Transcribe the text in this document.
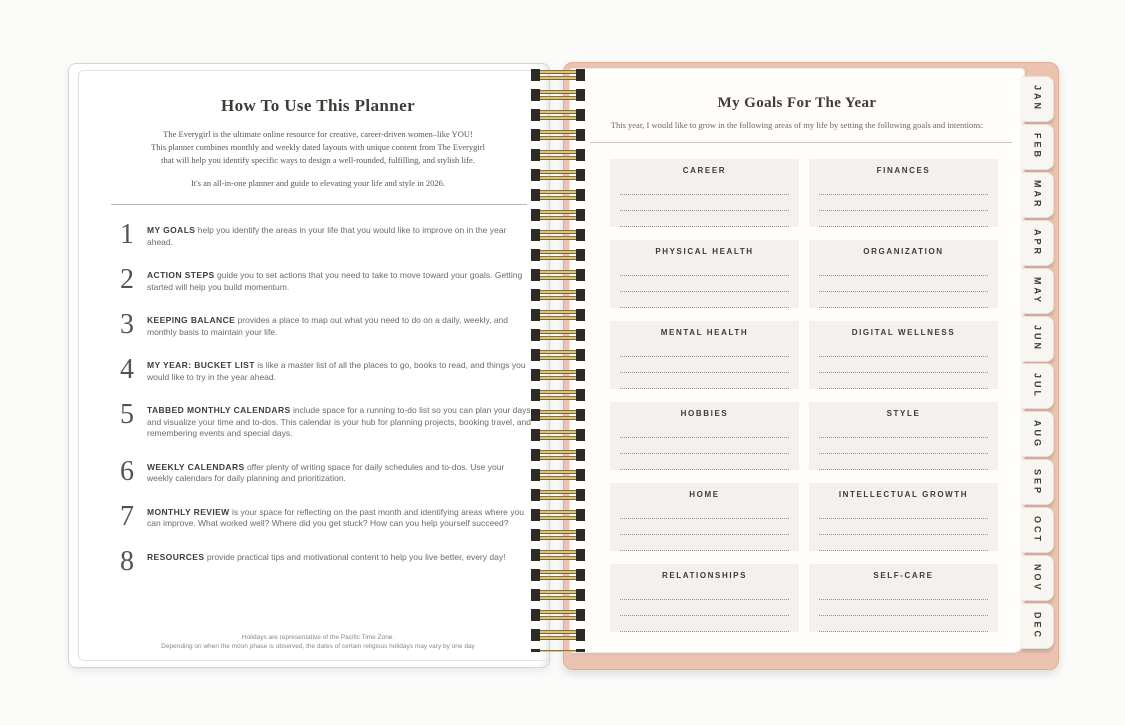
How To Use This Planner
The Everygirl is the ultimate online resource for creative, career-driven women–like YOU!
This planner combines monthly and weekly dated layouts with unique content from The Everygirl
that will help you identify specific ways to design a well-rounded, fulfilling, and stylish life.
It's an all-in-one planner and guide to elevating your life and style in 2026.
1	MY GOALS help you identify the areas in your life that you would like to improve on in the year ahead.
2	ACTION STEPS guide you to set actions that you need to take to move toward your goals. Getting started will help you build momentum.
3	KEEPING BALANCE provides a place to map out what you need to do on a daily, weekly, and monthly basis to maintain your life.
4	MY YEAR: BUCKET LIST is like a master list of all the places to go, books to read, and things you would like to try in the year ahead.
5	TABBED MONTHLY CALENDARS include space for a running to-do list so you can plan your days and visualize your time and to-dos. This calendar is your hub for planning projects, booking travel, and remembering events and special days.
6	WEEKLY CALENDARS offer plenty of writing space for daily schedules and to-dos. Use your weekly calendars for daily planning and prioritization.
7	MONTHLY REVIEW is your space for reflecting on the past month and identifying areas where you can improve. What worked well? Where did you get stuck? How can you help yourself succeed?
8	RESOURCES provide practical tips and motivational content to help you live better, every day!
Holidays are representative of the Pacific Time Zone.
Depending on when the moon phase is observed, the dates of certain religious holidays may vary by one day
My Goals For The Year
This year, I would like to grow in the following areas of my life by setting the following goals and intentions:
CAREER	FINANCES
PHYSICAL HEALTH	ORGANIZATION
MENTAL HEALTH	DIGITAL WELLNESS
HOBBIES	STYLE
HOME	INTELLECTUAL GROWTH
RELATIONSHIPS	SELF-CARE
JAN
FEB
MAR
APR
MAY
JUN
JUL
AUG
SEP
OCT
NOV
DEC
